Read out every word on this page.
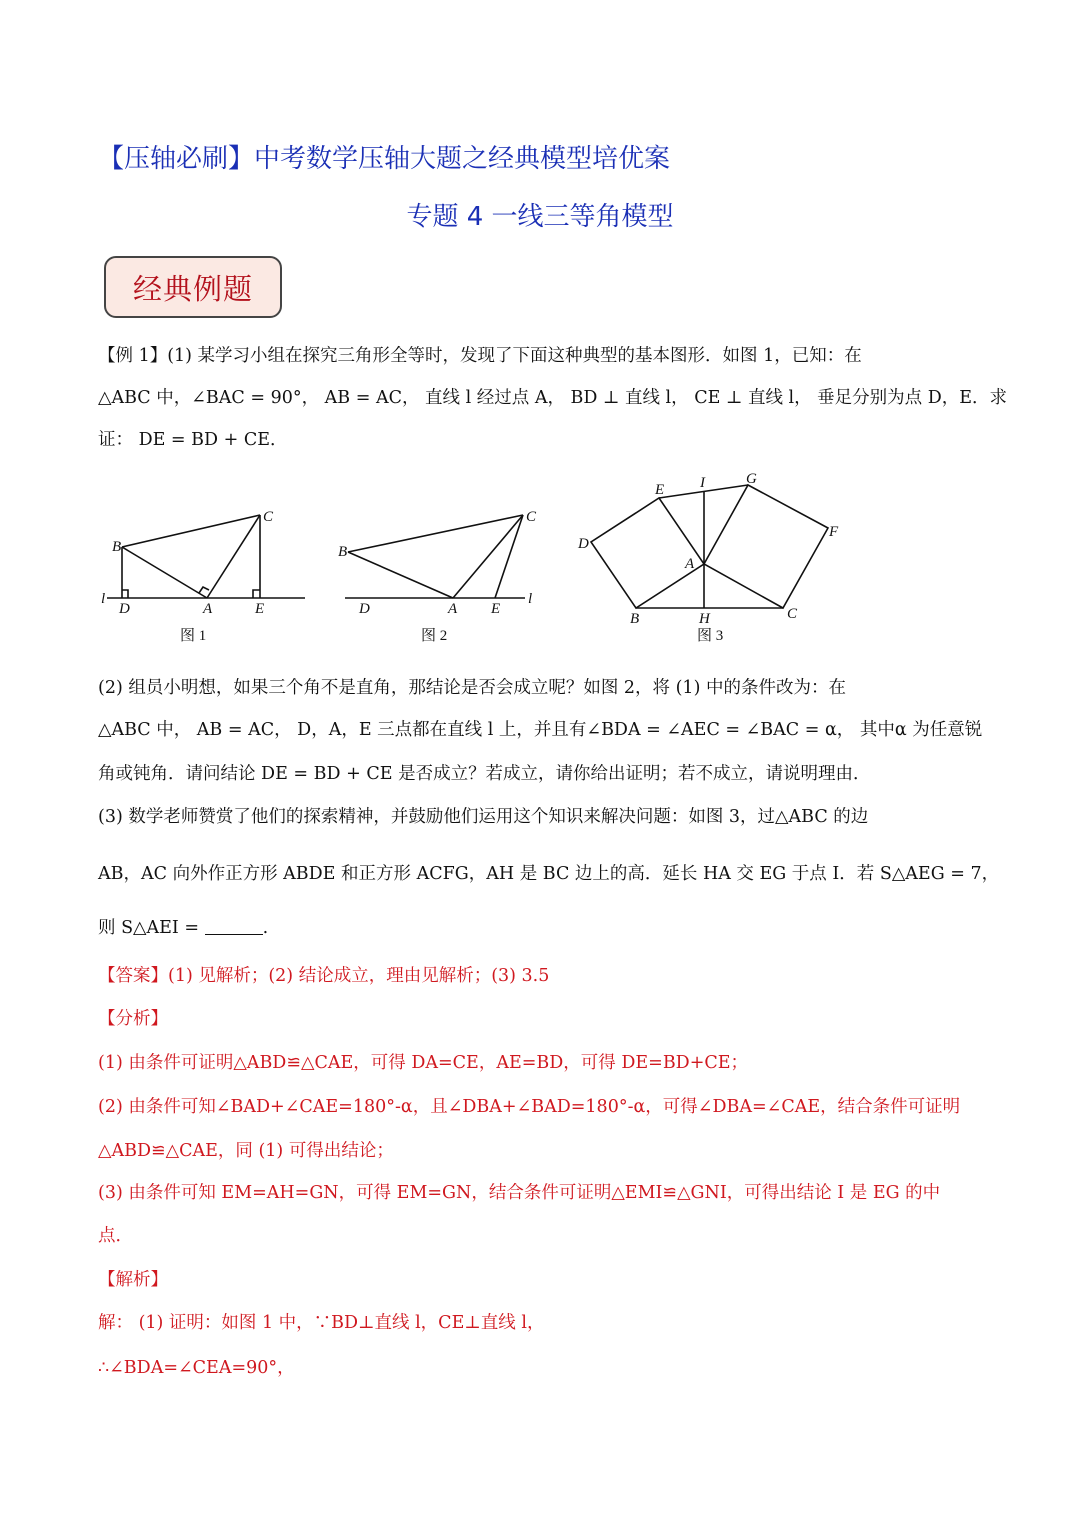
【压轴必刷】中考数学压轴大题之经典模型培优案
专题 4 一线三等角模型
经典例题
【例 1】(1) 某学习小组在探究三角形全等时，发现了下面这种典型的基本图形．如图 1，已知：在
△ABC 中，∠BAC = 90°， AB = AC， 直线 l 经过点 A， BD ⊥ 直线 l， CE ⊥ 直线 l， 垂足分别为点 D，E．求
证： DE = BD + CE．
B
C
l
D	A	E
图 1
B
C
D	A E
l
图 2
E I	G
D
F
A
B	H	C
图 3
(2) 组员小明想，如果三个角不是直角，那结论是否会成立呢？如图 2，将 (1) 中的条件改为：在
△ABC 中， AB = AC， D，A，E 三点都在直线 l 上，并且有∠BDA = ∠AEC = ∠BAC = α， 其中α 为任意锐
角或钝角．请问结论 DE = BD + CE 是否成立？若成立，请你给出证明；若不成立，请说明理由．
(3) 数学老师赞赏了他们的探索精神，并鼓励他们运用这个知识来解决问题：如图 3，过△ABC 的边
AB，AC 向外作正方形 ABDE 和正方形 ACFG，AH 是 BC 边上的高．延长 HA 交 EG 于点 I．若 S△AEG = 7，
则 S△AEI =	.
【答案】(1) 见解析；(2) 结论成立，理由见解析；(3) 3.5
【分析】
(1) 由条件可证明△ABD≌△CAE，可得 DA=CE，AE=BD，可得 DE=BD+CE；
(2) 由条件可知∠BAD+∠CAE=180°-α，且∠DBA+∠BAD=180°-α，可得∠DBA=∠CAE，结合条件可证明
△ABD≌△CAE，同 (1) 可得出结论；
(3) 由条件可知 EM=AH=GN，可得 EM=GN，结合条件可证明△EMI≌△GNI，可得出结论 I 是 EG 的中
点．
【解析】
解： (1) 证明：如图 1 中，∵BD⊥直线 l，CE⊥直线 l，
∴∠BDA=∠CEA=90°，
